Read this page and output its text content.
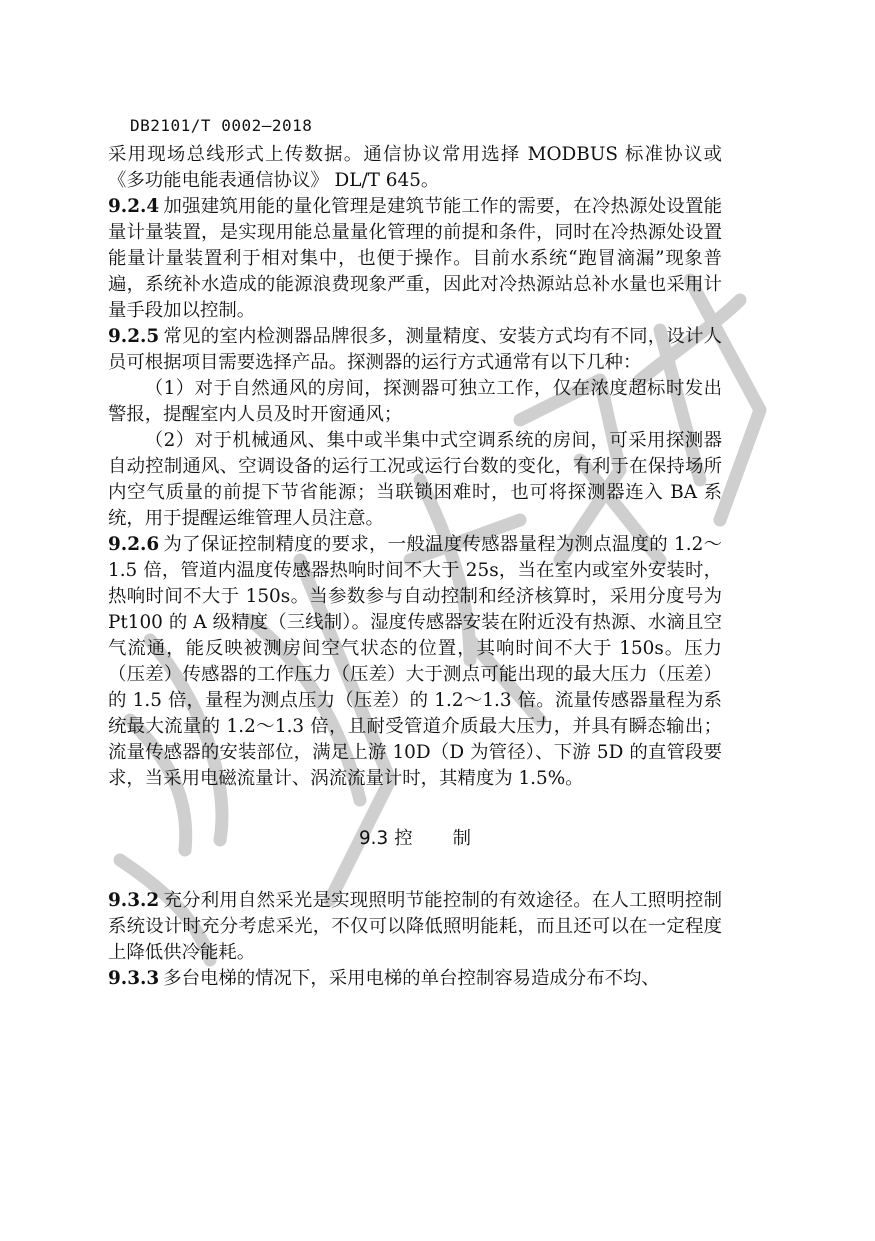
DB2101/T 0002—2018

采用现场总线形式上传数据。通信协议常用选择 MODBUS 标准协议或《多功能电能表通信协议》 DL/T 645。

9.2.4 加强建筑用能的量化管理是建筑节能工作的需要，在冷热源处设置能量计量装置，是实现用能总量量化管理的前提和条件，同时在冷热源处设置能量计量装置利于相对集中，也便于操作。目前水系统“跑冒滴漏”现象普遍，系统补水造成的能源浪费现象严重，因此对冷热源站总补水量也采用计量手段加以控制。

9.2.5 常见的室内检测器品牌很多，测量精度、安装方式均有不同，设计人员可根据项目需要选择产品。探测器的运行方式通常有以下几种：

（1）对于自然通风的房间，探测器可独立工作，仅在浓度超标时发出警报，提醒室内人员及时开窗通风；

（2）对于机械通风、集中或半集中式空调系统的房间，可采用探测器自动控制通风、空调设备的运行工况或运行台数的变化，有利于在保持场所内空气质量的前提下节省能源；当联锁困难时，也可将探测器连入 BA 系统，用于提醒运维管理人员注意。

9.2.6 为了保证控制精度的要求，一般温度传感器量程为测点温度的 1.2～1.5 倍，管道内温度传感器热响时间不大于 25s，当在室内或室外安装时，热响时间不大于 150s。当参数参与自动控制和经济核算时，采用分度号为 Pt100 的 A 级精度（三线制）。湿度传感器安装在附近没有热源、水滴且空气流通，能反映被测房间空气状态的位置，其响时间不大于 150s。压力（压差）传感器的工作压力（压差）大于测点可能出现的最大压力（压差）的 1.5 倍，量程为测点压力（压差）的 1.2～1.3 倍。流量传感器量程为系统最大流量的 1.2～1.3 倍，且耐受管道介质最大压力，并具有瞬态输出；流量传感器的安装部位，满足上游 10D（D 为管径）、下游 5D 的直管段要求，当采用电磁流量计、涡流流量计时，其精度为 1.5%。

9.3 控制

9.3.2 充分利用自然采光是实现照明节能控制的有效途径。在人工照明控制系统设计时充分考虑采光，不仅可以降低照明能耗，而且还可以在一定程度上降低供冷能耗。

9.3.3 多台电梯的情况下，采用电梯的单台控制容易造成分布不均、
